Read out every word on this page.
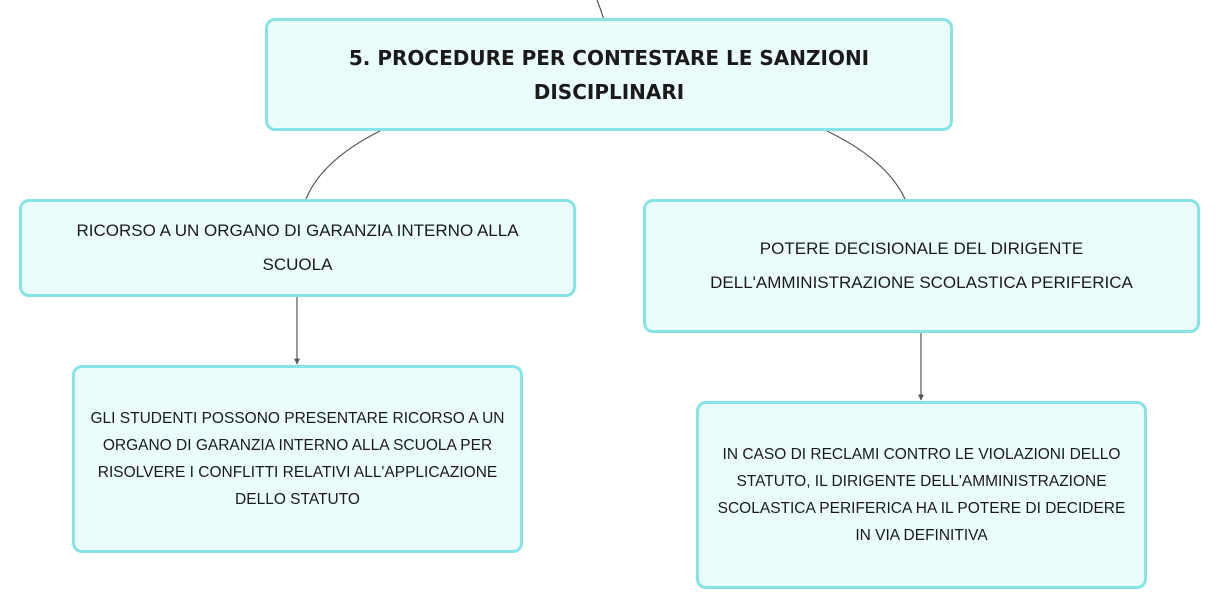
5. PROCEDURE PER CONTESTARE LE SANZIONI DISCIPLINARI
RICORSO A UN ORGANO DI GARANZIA INTERNO ALLA SCUOLA
POTERE DECISIONALE DEL DIRIGENTE DELL'AMMINISTRAZIONE SCOLASTICA PERIFERICA
GLI STUDENTI POSSONO PRESENTARE RICORSO A UN ORGANO DI GARANZIA INTERNO ALLA SCUOLA PER RISOLVERE I CONFLITTI RELATIVI ALL'APPLICAZIONE DELLO STATUTO
IN CASO DI RECLAMI CONTRO LE VIOLAZIONI DELLO STATUTO, IL DIRIGENTE DELL'AMMINISTRAZIONE SCOLASTICA PERIFERICA HA IL POTERE DI DECIDERE IN VIA DEFINITIVA
